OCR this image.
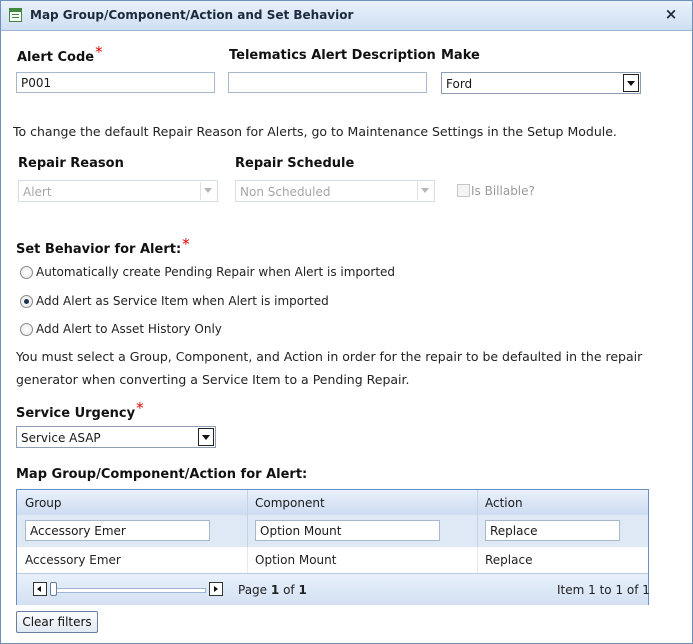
Map Group/Component/Action and Set Behavior	×
Alert Code*
P001
Telematics Alert Description Make
Ford
To change the default Repair Reason for Alerts, go to Maintenance Settings in the Setup Module.
Repair Reason
Alert
Repair Schedule
Non Scheduled	Is Billable?
Set Behavior for Alert:*
Automatically create Pending Repair when Alert is imported
Add Alert as Service Item when Alert is imported
Add Alert to Asset History Only
You must select a Group, Component, and Action in order for the repair to be defaulted in the repair
generator when converting a Service Item to a Pending Repair.
Service Urgency*
Service ASAP
Map Group/Component/Action for Alert:
Group	Component	Action
Accessory Emer	Option Mount	Replace
Accessory Emer	Option Mount	Replace
Page 1 of 1	Item 1 to 1 of 1
Clear filters
